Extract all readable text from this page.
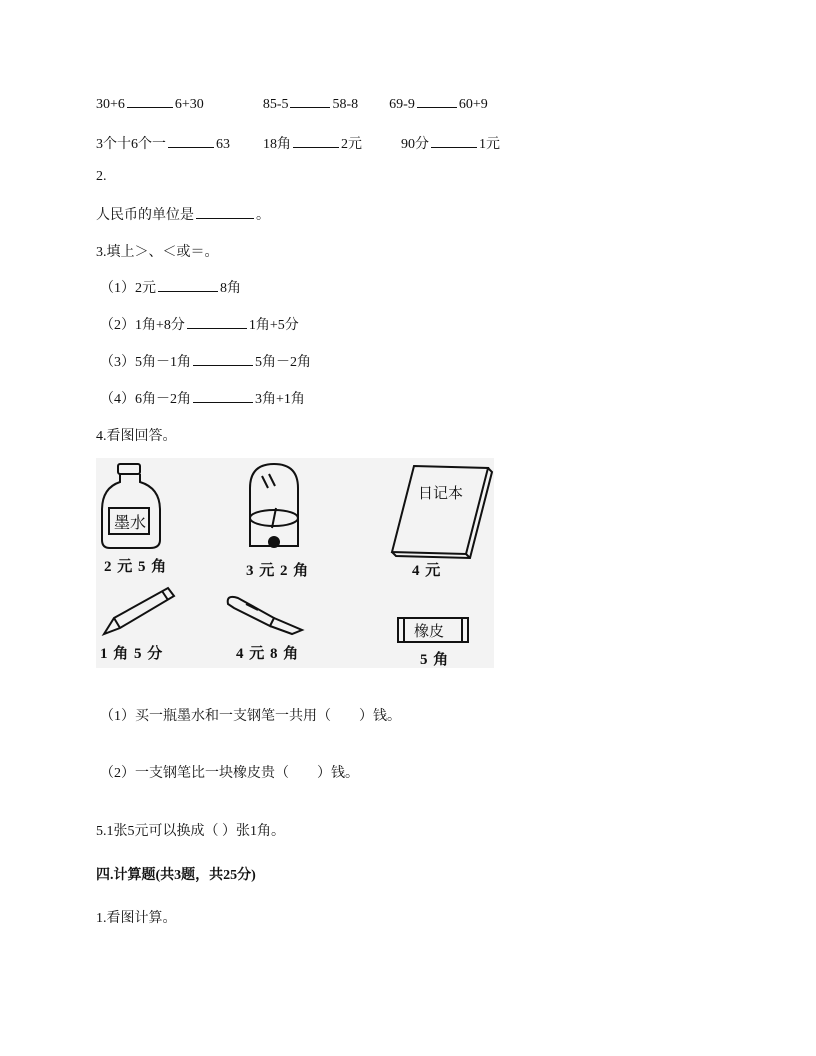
30+6	6+30	85-5	58-8 69-9	60+9
3个十6个一	63 18角	2元	90分	1元
2.
人民币的单位是	。
3.填上＞、＜或＝。
（1）2元	8角
（2）1角+8分	1角+5分
（3）5角－1角	5角－2角
（4）6角－2角	3角+1角
4.看图回答。
墨水
日记本
橡皮
2 元 5 角	3 元 2 角	4 元
1 角 5 分	4 元 8 角	5 角
（1）买一瓶墨水和一支钢笔一共用（　　）钱。
（2）一支钢笔比一块橡皮贵（　　）钱。
5.1张5元可以换成（ ）张1角。
四.计算题(共3题，共25分)
1.看图计算。
